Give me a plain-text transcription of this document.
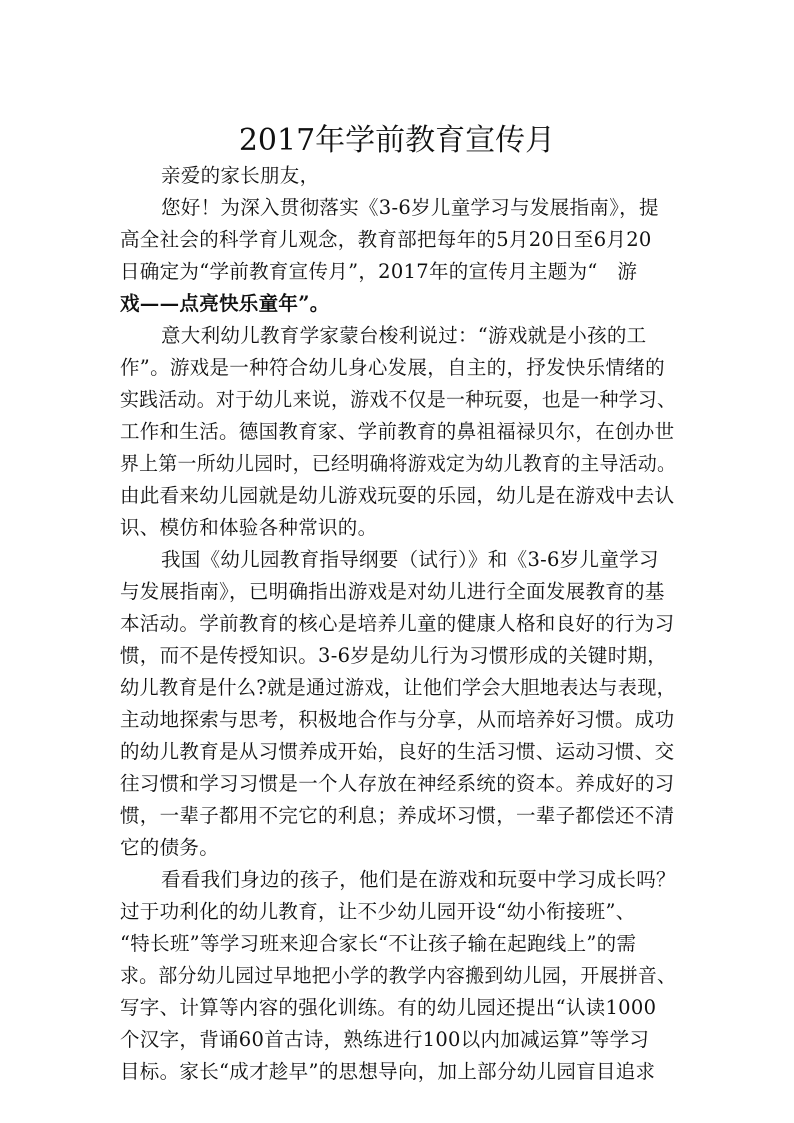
2017年学前教育宣传月
亲爱的家长朋友，
您好！为深入贯彻落实《3-6岁儿童学习与发展指南》，提
高全社会的科学育儿观念，教育部把每年的5月20日至6月20
日确定为“学前教育宣传月”，2017年的宣传月主题为“　游
戏——点亮快乐童年”。
意大利幼儿教育学家蒙台梭利说过：“游戏就是小孩的工
作”。游戏是一种符合幼儿身心发展，自主的，抒发快乐情绪的
实践活动。对于幼儿来说，游戏不仅是一种玩耍，也是一种学习、
工作和生活。德国教育家、学前教育的鼻祖福禄贝尔，在创办世
界上第一所幼儿园时，已经明确将游戏定为幼儿教育的主导活动。
由此看来幼儿园就是幼儿游戏玩耍的乐园，幼儿是在游戏中去认
识、模仿和体验各种常识的。
我国《幼儿园教育指导纲要（试行）》和《3-6岁儿童学习
与发展指南》，已明确指出游戏是对幼儿进行全面发展教育的基
本活动。学前教育的核心是培养儿童的健康人格和良好的行为习
惯，而不是传授知识。3-6岁是幼儿行为习惯形成的关键时期，
幼儿教育是什么?就是通过游戏，让他们学会大胆地表达与表现，
主动地探索与思考，积极地合作与分享，从而培养好习惯。成功
的幼儿教育是从习惯养成开始，良好的生活习惯、运动习惯、交
往习惯和学习习惯是一个人存放在神经系统的资本。养成好的习
惯，一辈子都用不完它的利息；养成坏习惯，一辈子都偿还不清
它的债务。
看看我们身边的孩子，他们是在游戏和玩耍中学习成长吗？
过于功利化的幼儿教育，让不少幼儿园开设“幼小衔接班”、
“特长班”等学习班来迎合家长“不让孩子输在起跑线上”的需
求。部分幼儿园过早地把小学的教学内容搬到幼儿园，开展拼音、
写字、计算等内容的强化训练。有的幼儿园还提出“认读1000
个汉字，背诵60首古诗，熟练进行100以内加减运算”等学习
目标。家长“成才趁早”的思想导向，加上部分幼儿园盲目追求
